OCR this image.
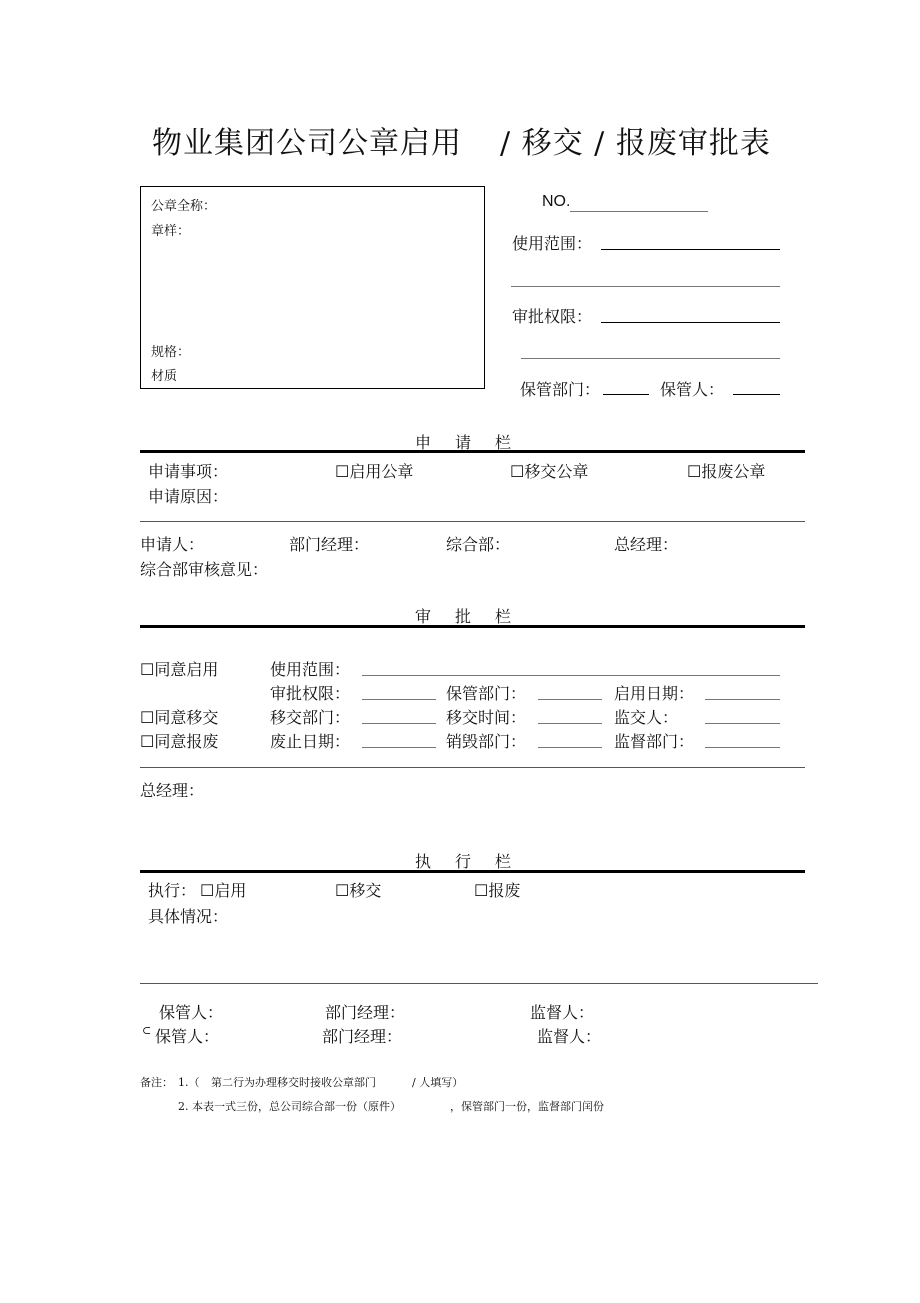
物业集团公司公章启用 / 移交 / 报废审批表
公章全称：
章样：
规格：
材质
NO.
使用范围：
审批权限：
保管部门：	保管人：
申请栏
申请事项：	☐启用公章	☐移交公章	☐报废公章
申请原因：
申请人：	部门经理：	综合部：	总经理：
综合部审核意见：
审批栏
☐同意启用	使用范围：
审批权限：	保管部门：	启用日期：
☐同意移交	移交部门：	移交时间：	监交人：
☐同意报废	废止日期：	销毁部门：	监督部门：
总经理：
执行栏
执行： ☐启用	☐移交	☐报废
具体情况：
保管人：	部门经理：	监督人：
⊂ 保管人：	部门经理：	监督人：
备注： 1.（ 第二行为办理移交时接收公章部门	/ 人填写）
2. 本表一式三份，总公司综合部一份（原件）	，保管部门一份，监督部门闰份
